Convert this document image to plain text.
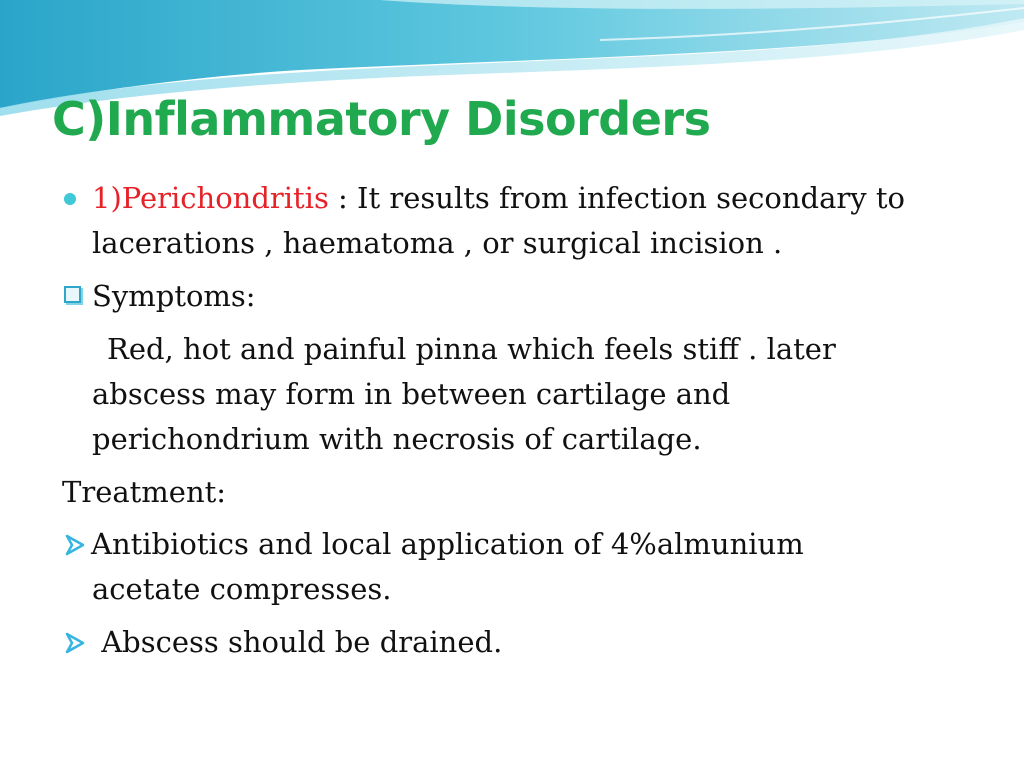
C)Inflammatory Disorders
1)Perichondritis : It results from infection secondary to
lacerations , haematoma , or surgical incision .
Symptoms:
Red, hot and painful pinna which feels stiff . later
abscess may form in between cartilage and
perichondrium with necrosis of cartilage.
Treatment:
Antibiotics and local application of 4%almunium
acetate compresses.
Abscess should be drained.
